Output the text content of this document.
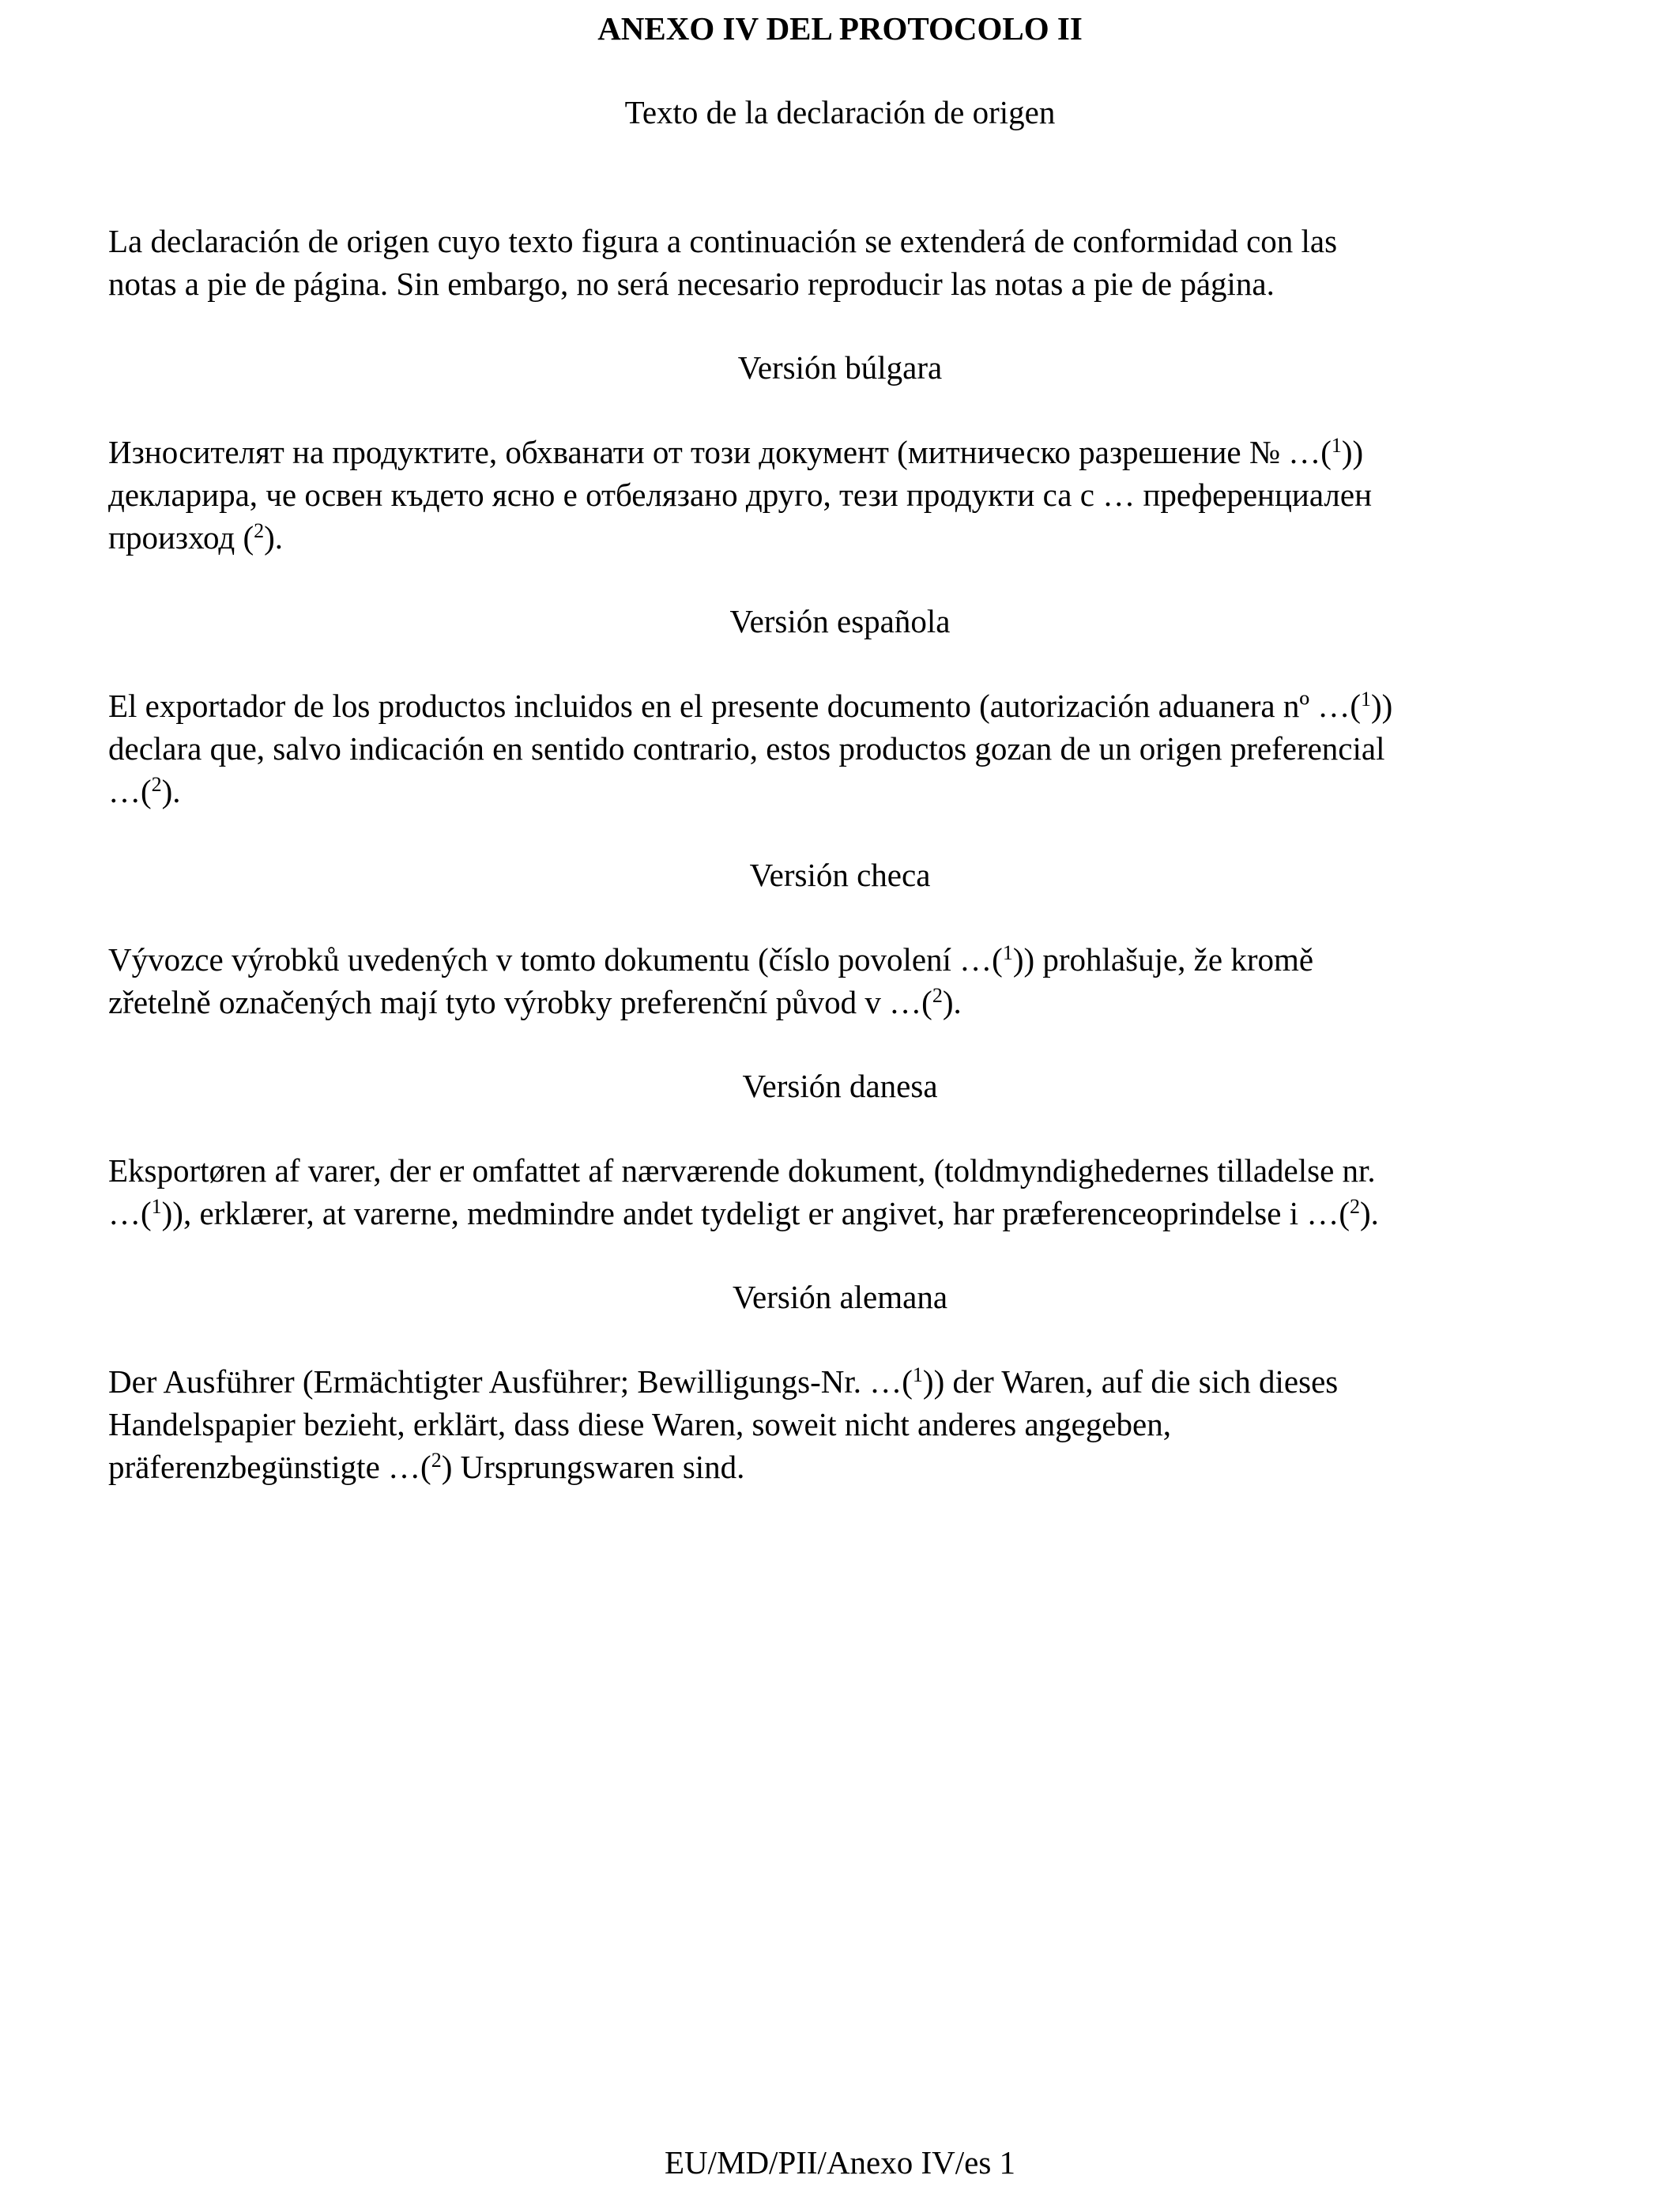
ANEXO IV DEL PROTOCOLO II
Texto de la declaración de origen
La declaración de origen cuyo texto figura a continuación se extenderá de conformidad con las
notas a pie de página. Sin embargo, no será necesario reproducir las notas a pie de página.
Versión búlgara
Износителят на продуктите, обхванати от този документ (митническо разрешение № …($^1$))
декларира, че освен където ясно е отбелязано друго, тези продукти са с … преференциален
произход ($^2$).
Versión española
El exportador de los productos incluidos en el presente documento (autorización aduanera nº …($^1$))
declara que, salvo indicación en sentido contrario, estos productos gozan de un origen preferencial
…($^2$).
Versión checa
Vývozce výrobků uvedených v tomto dokumentu (číslo povolení …($^1$)) prohlašuje, že kromě
zřetelně označených mají tyto výrobky preferenční původ v …($^2$).
Versión danesa
Eksportøren af varer, der er omfattet af nærværende dokument, (toldmyndighedernes tilladelse nr.
…($^1$)), erklærer, at varerne, medmindre andet tydeligt er angivet, har præferenceoprindelse i …($^2$).
Versión alemana
Der Ausführer (Ermächtigter Ausführer; Bewilligungs-Nr. …($^1$)) der Waren, auf die sich dieses
Handelspapier bezieht, erklärt, dass diese Waren, soweit nicht anderes angegeben,
präferenzbegünstigte …($^2$) Ursprungswaren sind.
EU/MD/PII/Anexo IV/es 1
